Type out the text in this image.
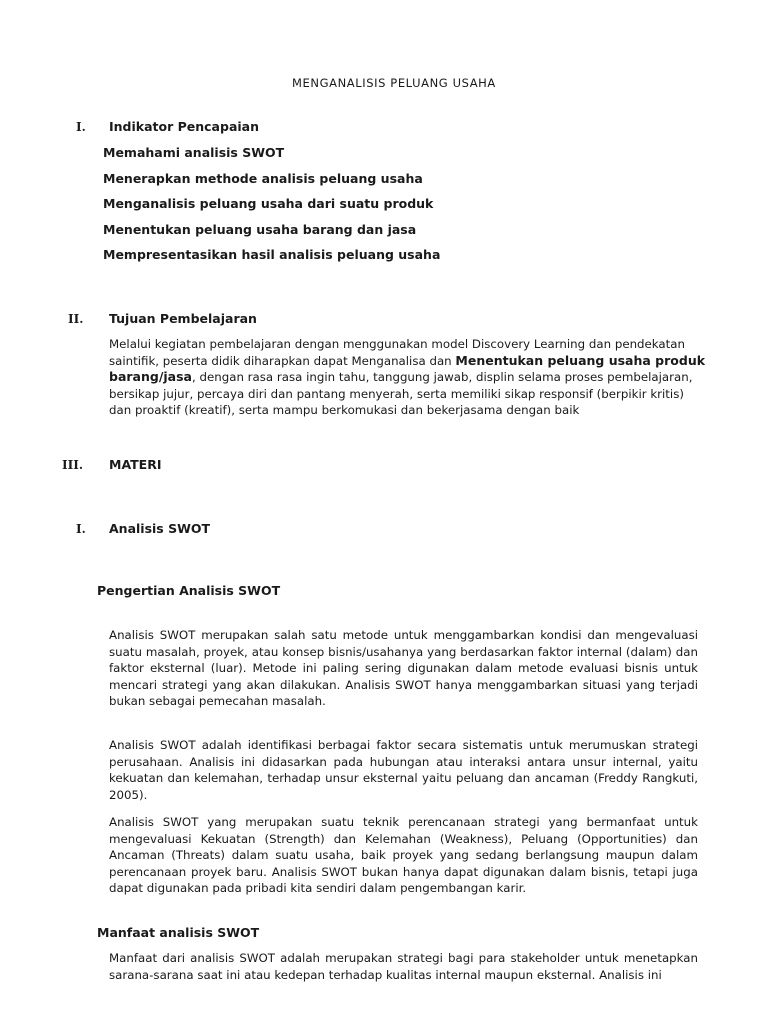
MENGANALISIS PELUANG USAHA
I. Indikator Pencapaian
Memahami analisis SWOT
Menerapkan methode analisis peluang usaha
Menganalisis peluang usaha dari suatu produk
Menentukan peluang usaha barang dan jasa
Mempresentasikan hasil analisis peluang usaha
II. Tujuan Pembelajaran
Melalui kegiatan pembelajaran dengan menggunakan model Discovery Learning dan pendekatan saintifik, peserta didik diharapkan dapat Menganalisa dan Menentukan peluang usaha produk barang/jasa, dengan rasa rasa ingin tahu, tanggung jawab, displin selama proses pembelajaran, bersikap jujur, percaya diri dan pantang menyerah, serta memiliki sikap responsif (berpikir kritis) dan proaktif (kreatif), serta mampu berkomukasi dan bekerjasama dengan baik
III. MATERI
I. Analisis SWOT
Pengertian Analisis SWOT
Analisis SWOT merupakan salah satu metode untuk menggambarkan kondisi dan mengevaluasi suatu masalah, proyek, atau konsep bisnis/usahanya yang berdasarkan faktor internal (dalam) dan faktor eksternal (luar). Metode ini paling sering digunakan dalam metode evaluasi bisnis untuk mencari strategi yang akan dilakukan. Analisis SWOT hanya menggambarkan situasi yang terjadi bukan sebagai pemecahan masalah.
Analisis SWOT adalah identifikasi berbagai faktor secara sistematis untuk merumuskan strategi perusahaan. Analisis ini didasarkan pada hubungan atau interaksi antara unsur internal, yaitu kekuatan dan kelemahan, terhadap unsur eksternal yaitu peluang dan ancaman (Freddy Rangkuti, 2005).
Analisis SWOT yang merupakan suatu teknik perencanaan strategi yang bermanfaat untuk mengevaluasi Kekuatan (Strength) dan Kelemahan (Weakness), Peluang (Opportunities) dan Ancaman (Threats) dalam suatu usaha, baik proyek yang sedang berlangsung maupun dalam perencanaan proyek baru. Analisis SWOT bukan hanya dapat digunakan dalam bisnis, tetapi juga dapat digunakan pada pribadi kita sendiri dalam pengembangan karir.
Manfaat analisis SWOT
Manfaat dari analisis SWOT adalah merupakan strategi bagi para stakeholder untuk menetapkan sarana-sarana saat ini atau kedepan terhadap kualitas internal maupun eksternal. Analisis ini
